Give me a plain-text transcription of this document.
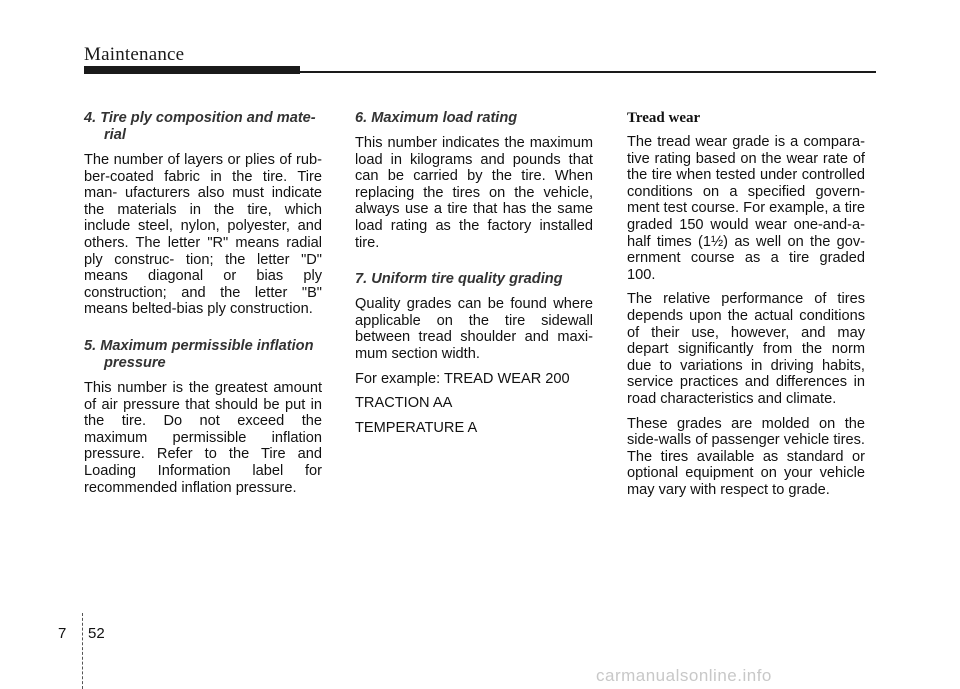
Maintenance
4. Tire ply composition and mate- rial

The number of layers or plies of rub- ber-coated fabric in the tire. Tire man- ufacturers also must indicate the materials in the tire, which include steel, nylon, polyester, and others. The letter "R" means radial ply construc- tion; the letter "D" means diagonal or bias ply construction; and the letter "B" means belted-bias ply construction.

5. Maximum permissible inflation pressure

This number is the greatest amount of air pressure that should be put in the tire. Do not exceed the maximum permissible inflation pressure. Refer to the Tire and Loading Information label for recommended inflation pressure.

6. Maximum load rating

This number indicates the maximum load in kilograms and pounds that can be carried by the tire. When replacing the tires on the vehicle, always use a tire that has the same load rating as the factory installed tire.

7. Uniform tire quality grading

Quality grades can be found where applicable on the tire sidewall between tread shoulder and maxi- mum section width.

For example: TREAD WEAR 200

TRACTION AA

TEMPERATURE A

Tread wear

The tread wear grade is a compara- tive rating based on the wear rate of the tire when tested under controlled conditions on a specified govern- ment test course. For example, a tire graded 150 would wear one-and-a- half times (1½) as well on the gov- ernment course as a tire graded 100.

The relative performance of tires depends upon the actual conditions of their use, however, and may depart significantly from the norm due to variations in driving habits, service practices and differences in road characteristics and climate.

These grades are molded on the side-walls of passenger vehicle tires. The tires available as standard or optional equipment on your vehicle may vary with respect to grade.

7 52
carmanualsonline.info
